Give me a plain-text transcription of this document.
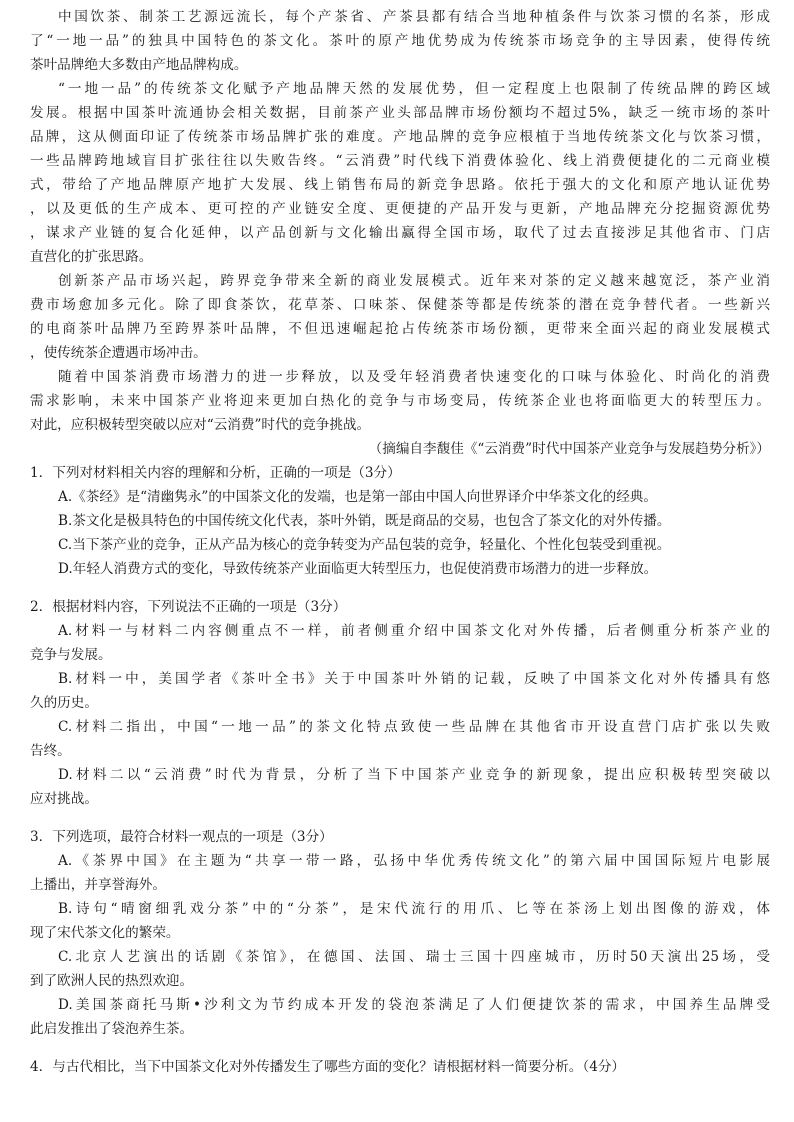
中国饮茶、制茶工艺源远流长，每个产茶省、产茶县都有结合当地种植条件与饮茶习惯的名茶，形成
了“一地一品”的独具中国特色的茶文化。茶叶的原产地优势成为传统茶市场竞争的主导因素，使得传统
茶叶品牌绝大多数由产地品牌构成。
“一地一品”的传统茶文化赋予产地品牌天然的发展优势，但一定程度上也限制了传统品牌的跨区域
发展。根据中国茶叶流通协会相关数据，目前茶产业头部品牌市场份额均不超过5%，缺乏一统市场的茶叶
品牌，这从侧面印证了传统茶市场品牌扩张的难度。产地品牌的竞争应根植于当地传统茶文化与饮茶习惯，
一些品牌跨地域盲目扩张往往以失败告终。“云消费”时代线下消费体验化、线上消费便捷化的二元商业模
式，带给了产地品牌原产地扩大发展、线上销售布局的新竞争思路。依托于强大的文化和原产地认证优势
，以及更低的生产成本、更可控的产业链安全度、更便捷的产品开发与更新，产地品牌充分挖掘资源优势
，谋求产业链的复合化延伸，以产品创新与文化输出赢得全国市场，取代了过去直接涉足其他省市、门店
直营化的扩张思路。
创新茶产品市场兴起，跨界竞争带来全新的商业发展模式。近年来对茶的定义越来越宽泛，茶产业消
费市场愈加多元化。除了即食茶饮，花草茶、口味茶、保健茶等都是传统茶的潜在竞争替代者。一些新兴
的电商茶叶品牌乃至跨界茶叶品牌，不但迅速崛起抢占传统茶市场份额，更带来全面兴起的商业发展模式
，使传统茶企遭遇市场冲击。
随着中国茶消费市场潜力的进一步释放，以及受年轻消费者快速变化的口味与体验化、时尚化的消费
需求影响，未来中国茶产业将迎来更加白热化的竞争与市场变局，传统茶企业也将面临更大的转型压力。
对此，应积极转型突破以应对“云消费”时代的竞争挑战。
（摘编自李馥佳《“云消费”时代中国茶产业竞争与发展趋势分析》）
1．下列对材料相关内容的理解和分析，正确的一项是（3分）
A.《茶经》是“清幽隽永”的中国茶文化的发端，也是第一部由中国人向世界译介中华茶文化的经典。
B.茶文化是极具特色的中国传统文化代表，茶叶外销，既是商品的交易，也包含了茶文化的对外传播。
C.当下茶产业的竞争，正从产品为核心的竞争转变为产品包装的竞争，轻量化、个性化包装受到重视。
D.年轻人消费方式的变化，导致传统茶产业面临更大转型压力，也促使消费市场潜力的进一步释放。
2．根据材料内容，下列说法不正确的一项是（3分）
A.材料一与材料二内容侧重点不一样，前者侧重介绍中国茶文化对外传播，后者侧重分析茶产业的
竞争与发展。
B.材料一中，美国学者《茶叶全书》关于中国茶叶外销的记载，反映了中国茶文化对外传播具有悠
久的历史。
C.材料二指出，中国“一地一品”的茶文化特点致使一些品牌在其他省市开设直营门店扩张以失败
告终。
D.材料二以“云消费”时代为背景，分析了当下中国茶产业竞争的新现象，提出应积极转型突破以
应对挑战。
3．下列选项，最符合材料一观点的一项是（3分）
A.《茶界中国》在主题为“共享一带一路，弘扬中华优秀传统文化”的第六届中国国际短片电影展
上播出，并享誉海外。
B.诗句“晴窗细乳戏分茶”中的“分茶”，是宋代流行的用爪、匕等在茶汤上划出图像的游戏，体
现了宋代茶文化的繁荣。
C.北京人艺演出的话剧《茶馆》，在德国、法国、瑞士三国十四座城市，历时50天演出25场，受
到了欧洲人民的热烈欢迎。
D.美国茶商托马斯•沙利文为节约成本开发的袋泡茶满足了人们便捷饮茶的需求，中国养生品牌受
此启发推出了袋泡养生茶。
4．与古代相比，当下中国茶文化对外传播发生了哪些方面的变化？请根据材料一简要分析。（4分）
